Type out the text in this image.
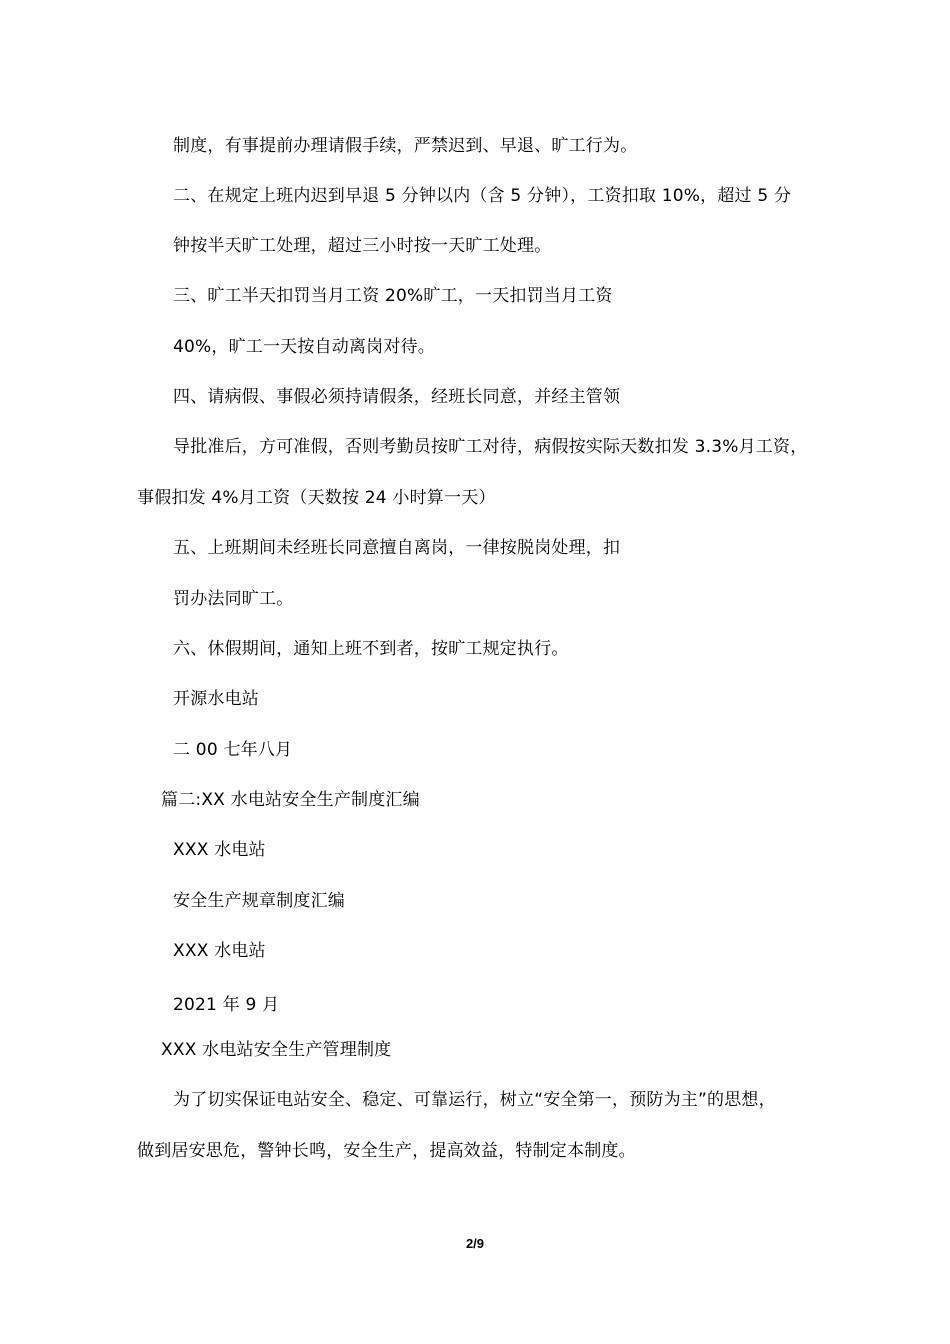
制度，有事提前办理请假手续，严禁迟到、早退、旷工行为。
二、在规定上班内迟到早退 5 分钟以内（含 5 分钟），工资扣取 10%，超过 5 分
钟按半天旷工处理，超过三小时按一天旷工处理。
三、旷工半天扣罚当月工资 20%旷工，一天扣罚当月工资
40%，旷工一天按自动离岗对待。
四、请病假、事假必须持请假条，经班长同意，并经主管领
导批准后，方可准假，否则考勤员按旷工对待，病假按实际天数扣发 3.3%月工资，
事假扣发 4%月工资（天数按 24 小时算一天）
五、上班期间未经班长同意擅自离岗，一律按脱岗处理，扣
罚办法同旷工。
六、休假期间，通知上班不到者，按旷工规定执行。
开源水电站
二 00 七年八月
篇二:XX 水电站安全生产制度汇编
XXX 水电站
安全生产规章制度汇编
XXX 水电站
2021 年 9 月
XXX 水电站安全生产管理制度
为了切实保证电站安全、稳定、可靠运行，树立“安全第一，预防为主”的思想，
做到居安思危，警钟长鸣，安全生产，提高效益，特制定本制度。
2/9
